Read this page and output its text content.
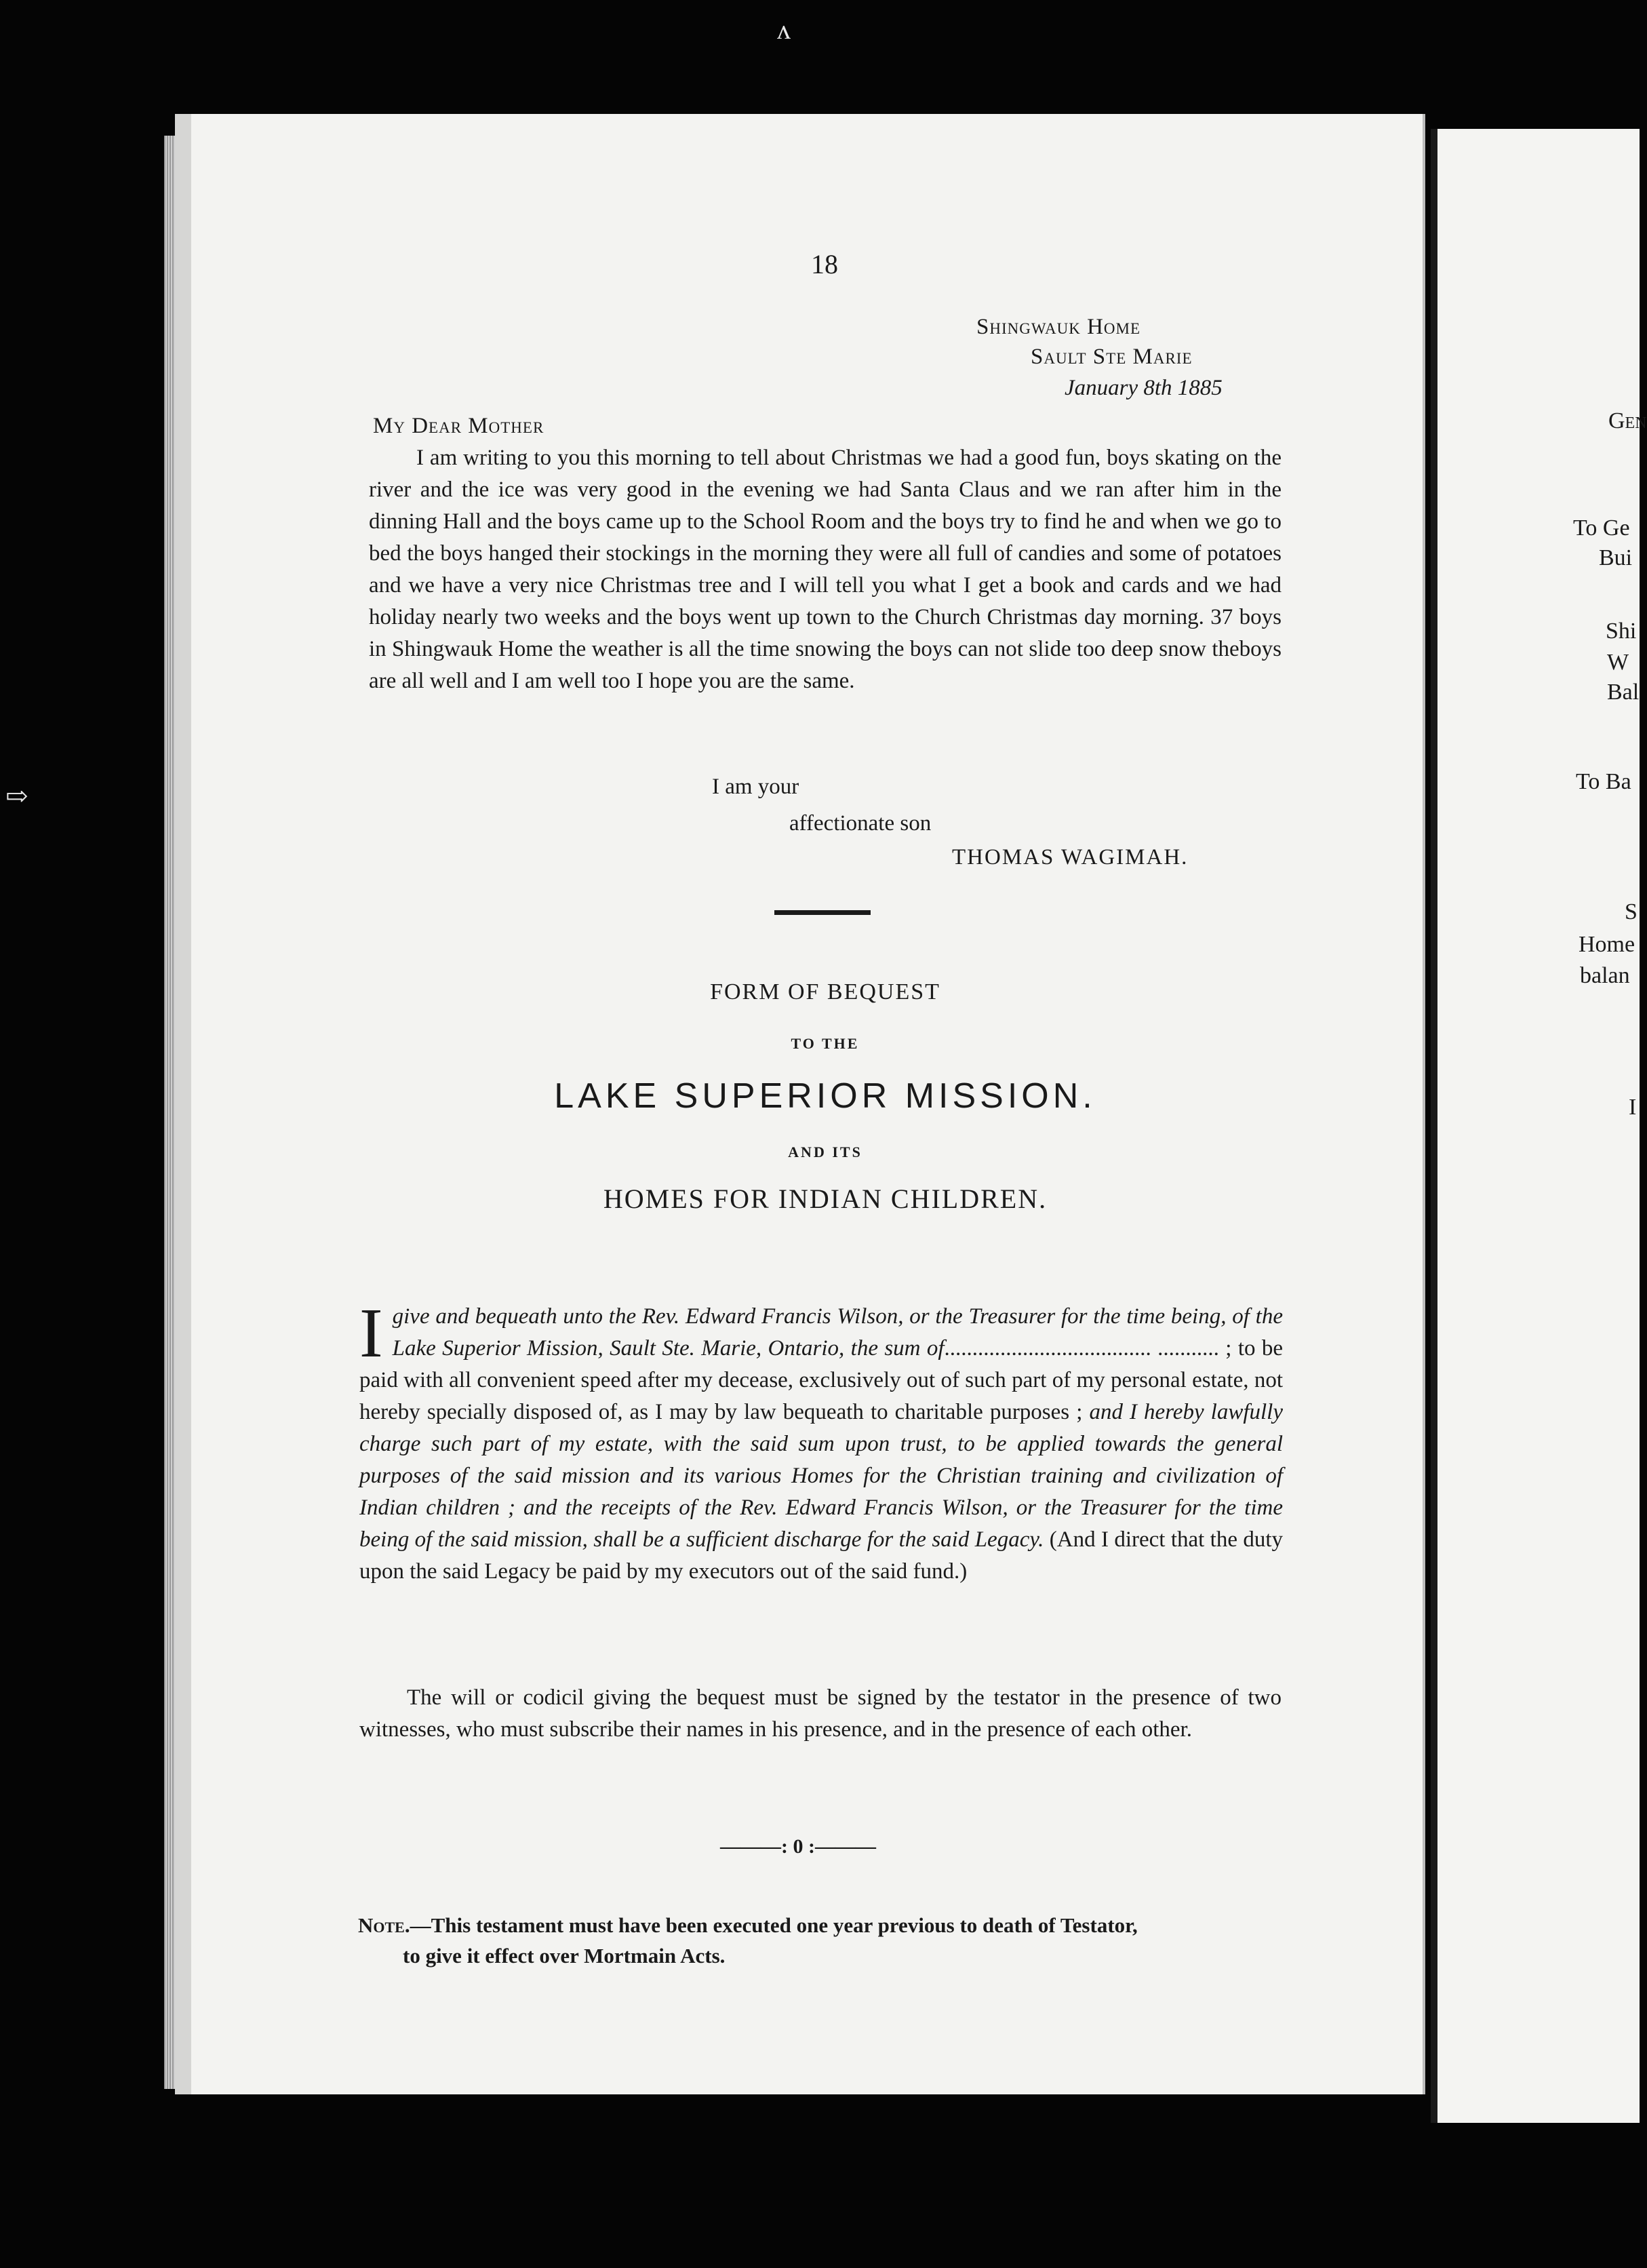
Gen
To Ge
Bui
Shi
W
Bal
To Ba
S
Home
balan
I
18
Shingwauk Home
Sault Ste Marie
January 8th 1885
My Dear Mother
I am writing to you this morning to tell about Christmas we had a good fun, boys skating on the river and the ice was very good in the evening we had Santa Claus and we ran after him in the dinning Hall and the boys came up to the School Room and the boys try to find he and when we go to bed the boys hanged their stockings in the morning they were all full of candies and some of potatoes and we have a very nice Christmas tree and I will tell you what I get a book and cards and we had holiday nearly two weeks and the boys went up town to the Church Christmas day morning. 37 boys in Shingwauk Home the weather is all the time snowing the boys can not slide too deep snow theboys are all well and I am well too I hope you are the same.
I am your
affectionate son
THOMAS WAGIMAH.
FORM OF BEQUEST
TO THE
LAKE SUPERIOR MISSION.
AND ITS
HOMES FOR INDIAN CHILDREN.
I give and bequeath unto the Rev. Edward Francis Wilson, or the Treasurer for the time being, of the Lake Superior Mission, Sault Ste. Marie, Ontario, the sum of..................................... ........... ; to be paid with all convenient speed after my decease, exclusively out of such part of my personal estate, not hereby specially disposed of, as I may by law bequeath to charitable purposes ; and I hereby lawfully charge such part of my estate, with the said sum upon trust, to be applied towards the general purposes of the said mission and its various Homes for the Christian training and civilization of Indian children ; and the receipts of the Rev. Edward Francis Wilson, or the Treasurer for the time being of the said mission, shall be a sufficient discharge for the said Legacy. (And I direct that the duty upon the said Legacy be paid by my executors out of the said fund.)
The will or codicil giving the bequest must be signed by the testator in the presence of two witnesses, who must subscribe their names in his presence, and in the presence of each other.
———: 0 :———
Note.—This testament must have been executed one year previous to death of Testator,
to give it effect over Mortmain Acts.
ᴧ
⇨
